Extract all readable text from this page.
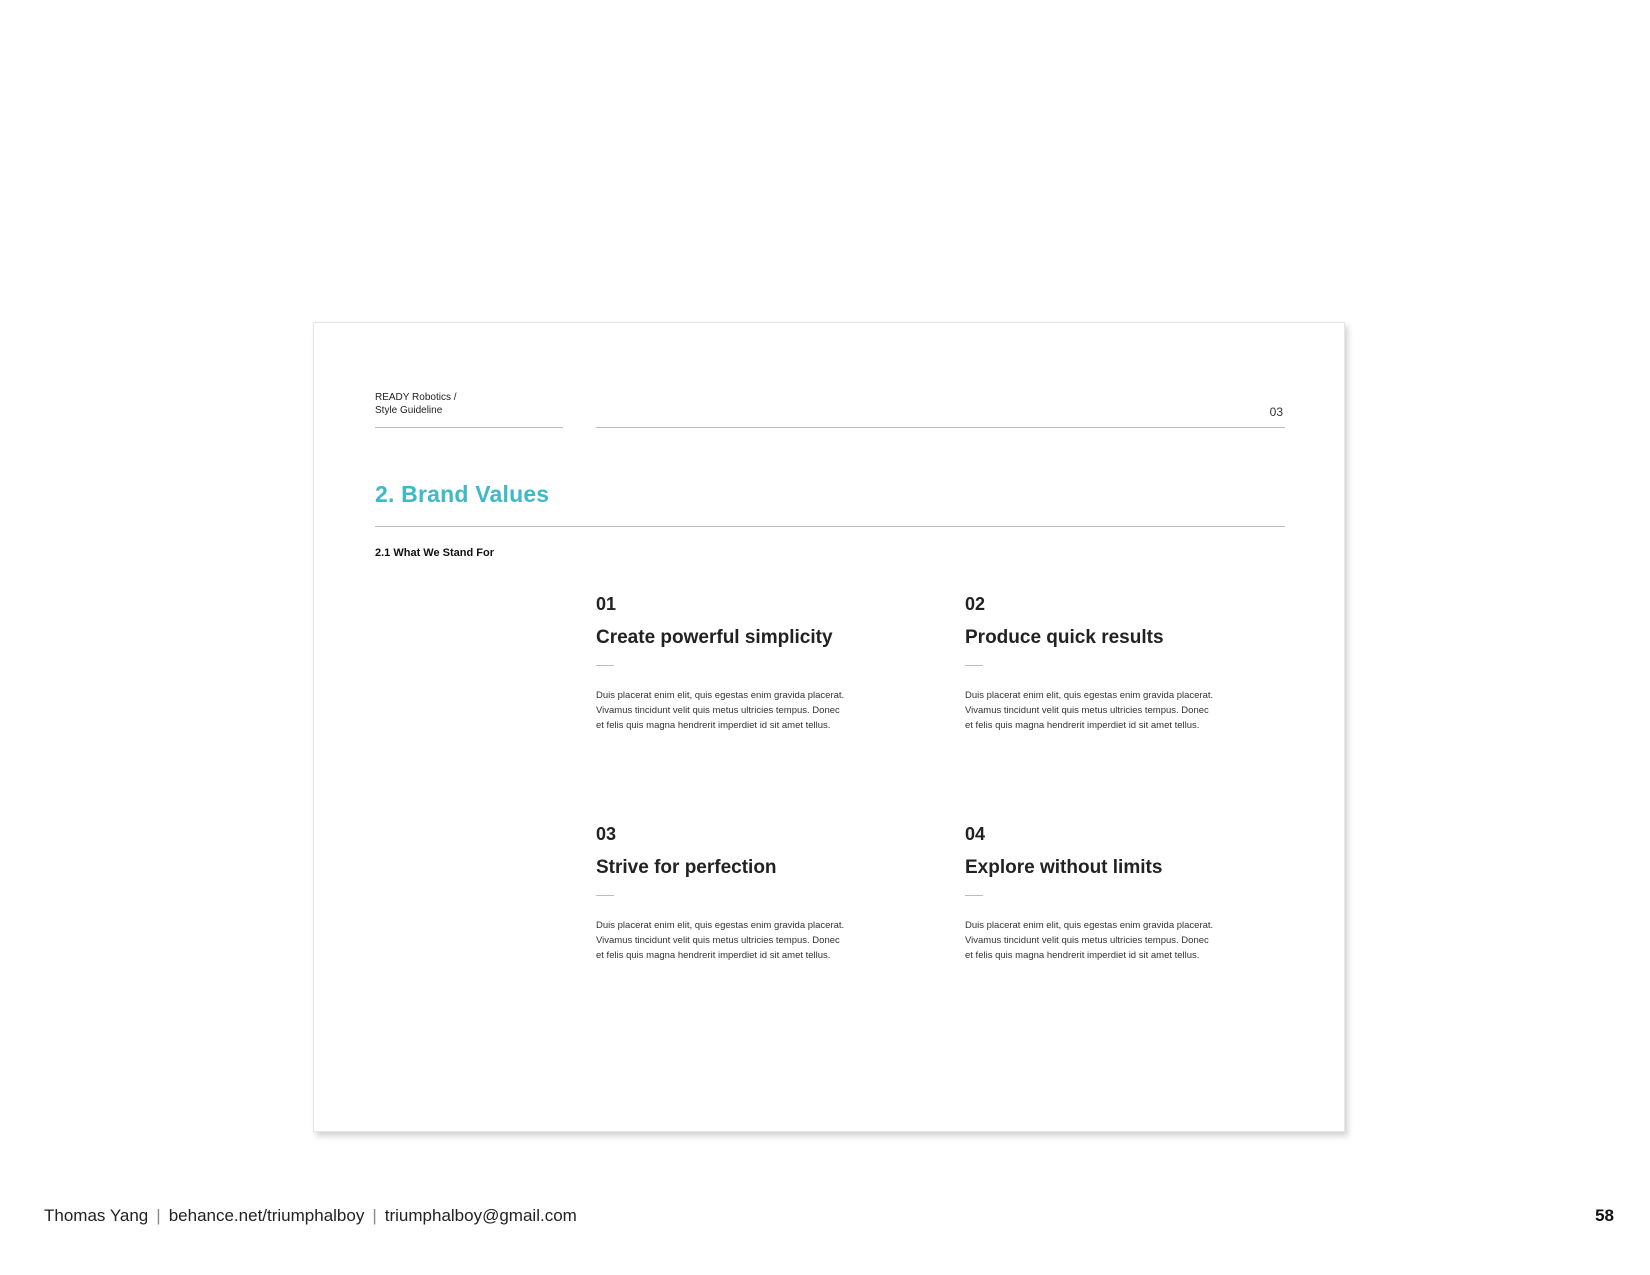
READY Robotics /
Style Guideline	03
2. Brand Values
2.1 What We Stand For
01
Create powerful simplicity
Duis placerat enim elit, quis egestas enim gravida placerat.
Vivamus tincidunt velit quis metus ultricies tempus. Donec
et felis quis magna hendrerit imperdiet id sit amet tellus.
02
Produce quick results
Duis placerat enim elit, quis egestas enim gravida placerat.
Vivamus tincidunt velit quis metus ultricies tempus. Donec
et felis quis magna hendrerit imperdiet id sit amet tellus.
03
Strive for perfection
Duis placerat enim elit, quis egestas enim gravida placerat.
Vivamus tincidunt velit quis metus ultricies tempus. Donec
et felis quis magna hendrerit imperdiet id sit amet tellus.
04
Explore without limits
Duis placerat enim elit, quis egestas enim gravida placerat.
Vivamus tincidunt velit quis metus ultricies tempus. Donec
et felis quis magna hendrerit imperdiet id sit amet tellus.
Thomas Yang | behance.net/triumphalboy | triumphalboy@gmail.com	58
